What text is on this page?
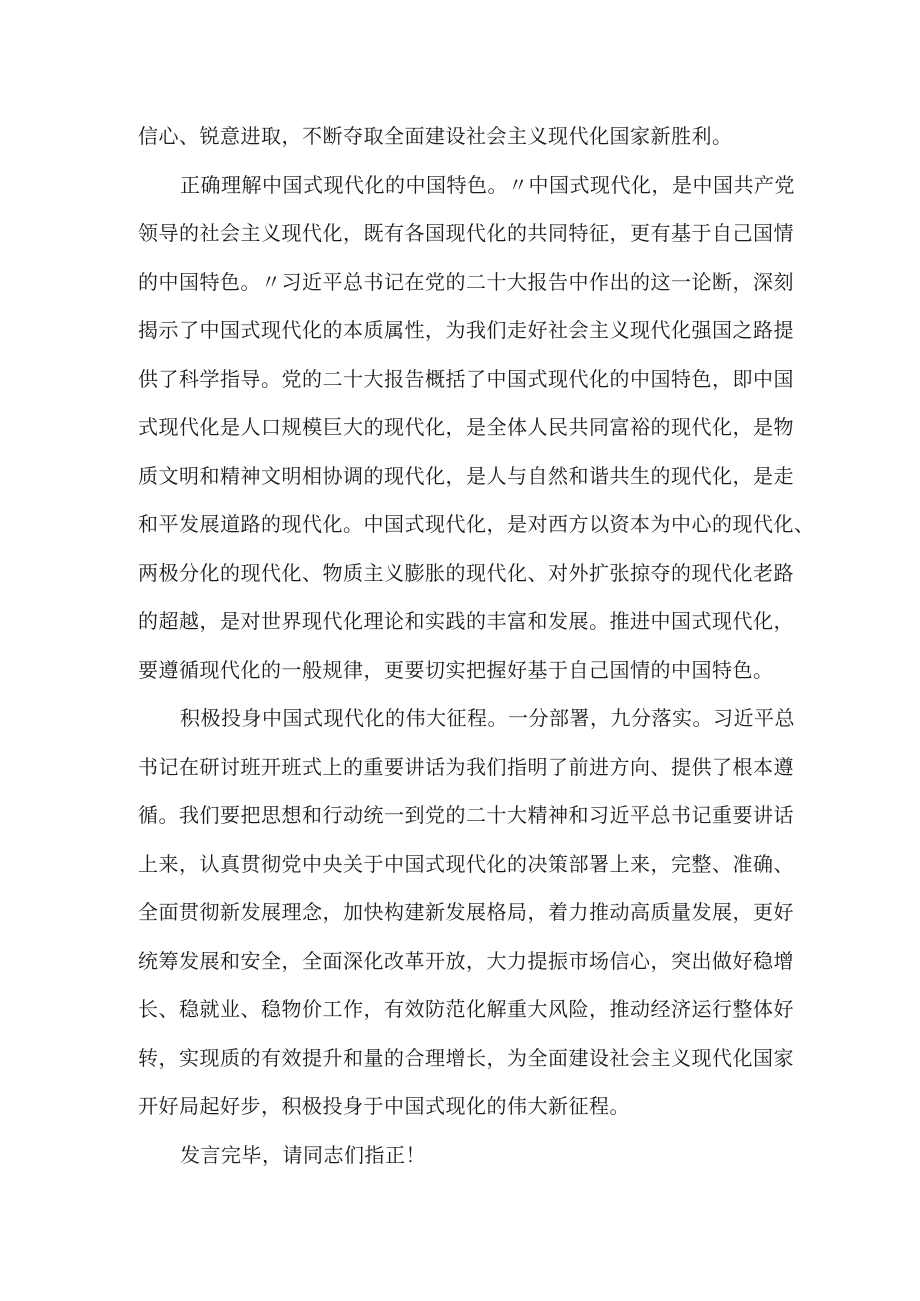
信心、锐意进取，不断夺取全面建设社会主义现代化国家新胜利。
正确理解中国式现代化的中国特色。〃中国式现代化，是中国共产党
领导的社会主义现代化，既有各国现代化的共同特征，更有基于自己国情
的中国特色。〃习近平总书记在党的二十大报告中作出的这一论断，深刻
揭示了中国式现代化的本质属性，为我们走好社会主义现代化强国之路提
供了科学指导。党的二十大报告概括了中国式现代化的中国特色，即中国
式现代化是人口规模巨大的现代化，是全体人民共同富裕的现代化，是物
质文明和精神文明相协调的现代化，是人与自然和谐共生的现代化，是走
和平发展道路的现代化。中国式现代化，是对西方以资本为中心的现代化、
两极分化的现代化、物质主义膨胀的现代化、对外扩张掠夺的现代化老路
的超越，是对世界现代化理论和实践的丰富和发展。推进中国式现代化，
要遵循现代化的一般规律，更要切实把握好基于自己国情的中国特色。
积极投身中国式现代化的伟大征程。一分部署，九分落实。习近平总
书记在研讨班开班式上的重要讲话为我们指明了前进方向、提供了根本遵
循。我们要把思想和行动统一到党的二十大精神和习近平总书记重要讲话
上来，认真贯彻党中央关于中国式现代化的决策部署上来，完整、准确、
全面贯彻新发展理念，加快构建新发展格局，着力推动高质量发展，更好
统筹发展和安全，全面深化改革开放，大力提振市场信心，突出做好稳增
长、稳就业、稳物价工作，有效防范化解重大风险，推动经济运行整体好
转，实现质的有效提升和量的合理增长，为全面建设社会主义现代化国家
开好局起好步，积极投身于中国式现化的伟大新征程。
发言完毕，请同志们指正！
